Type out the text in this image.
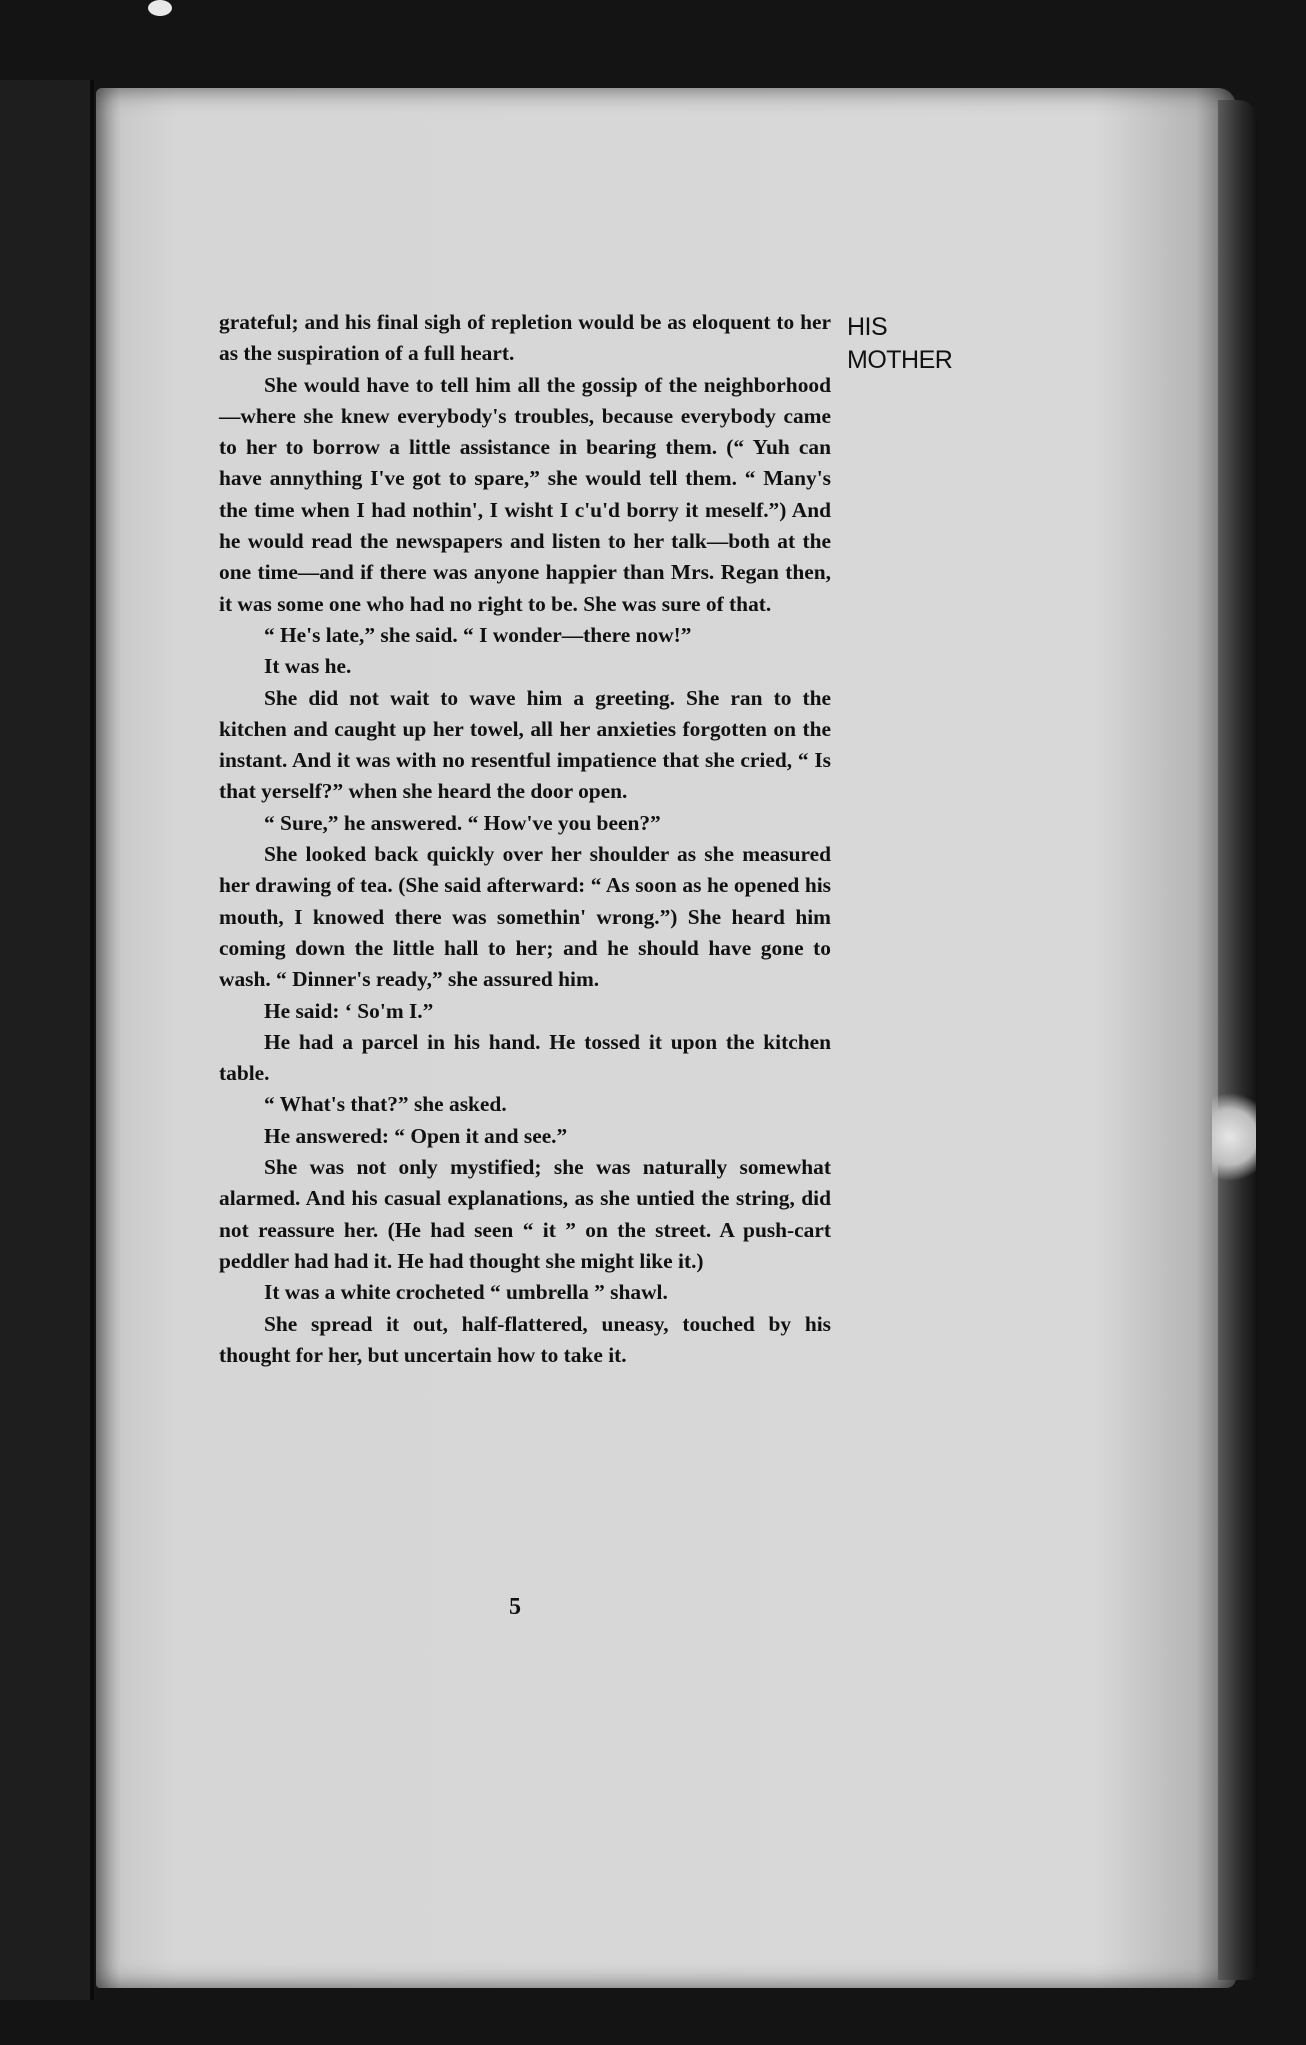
HIS
MOTHER

grateful; and his final sigh of repletion would be as eloquent to her as the suspiration of a full heart.

She would have to tell him all the gossip of the neighborhood—where she knew everybody's troubles, because everybody came to her to borrow a little assistance in bearing them. (“ Yuh can have annything I've got to spare,” she would tell them. “ Many's the time when I had nothin', I wisht I c'u'd borry it meself.”) And he would read the newspapers and listen to her talk—both at the one time—and if there was anyone happier than Mrs. Regan then, it was some one who had no right to be. She was sure of that.

“ He's late,” she said. “ I wonder—there now!”

It was he.

She did not wait to wave him a greeting. She ran to the kitchen and caught up her towel, all her anxieties forgotten on the instant. And it was with no resentful impatience that she cried, “ Is that yerself?” when she heard the door open.

“ Sure,” he answered. “ How've you been?”

She looked back quickly over her shoulder as she measured her drawing of tea. (She said afterward: “ As soon as he opened his mouth, I knowed there was somethin' wrong.”) She heard him coming down the little hall to her; and he should have gone to wash. “ Dinner's ready,” she assured him.

He said: ‘ So'm I.”

He had a parcel in his hand. He tossed it upon the kitchen table.

“ What's that?” she asked.

He answered: “ Open it and see.”

She was not only mystified; she was naturally somewhat alarmed. And his casual explanations, as she untied the string, did not reassure her. (He had seen “ it ” on the street. A push-cart peddler had had it. He had thought she might like it.)

It was a white crocheted “ umbrella ” shawl.

She spread it out, half-flattered, uneasy, touched by his thought for her, but uncertain how to take it.

5
